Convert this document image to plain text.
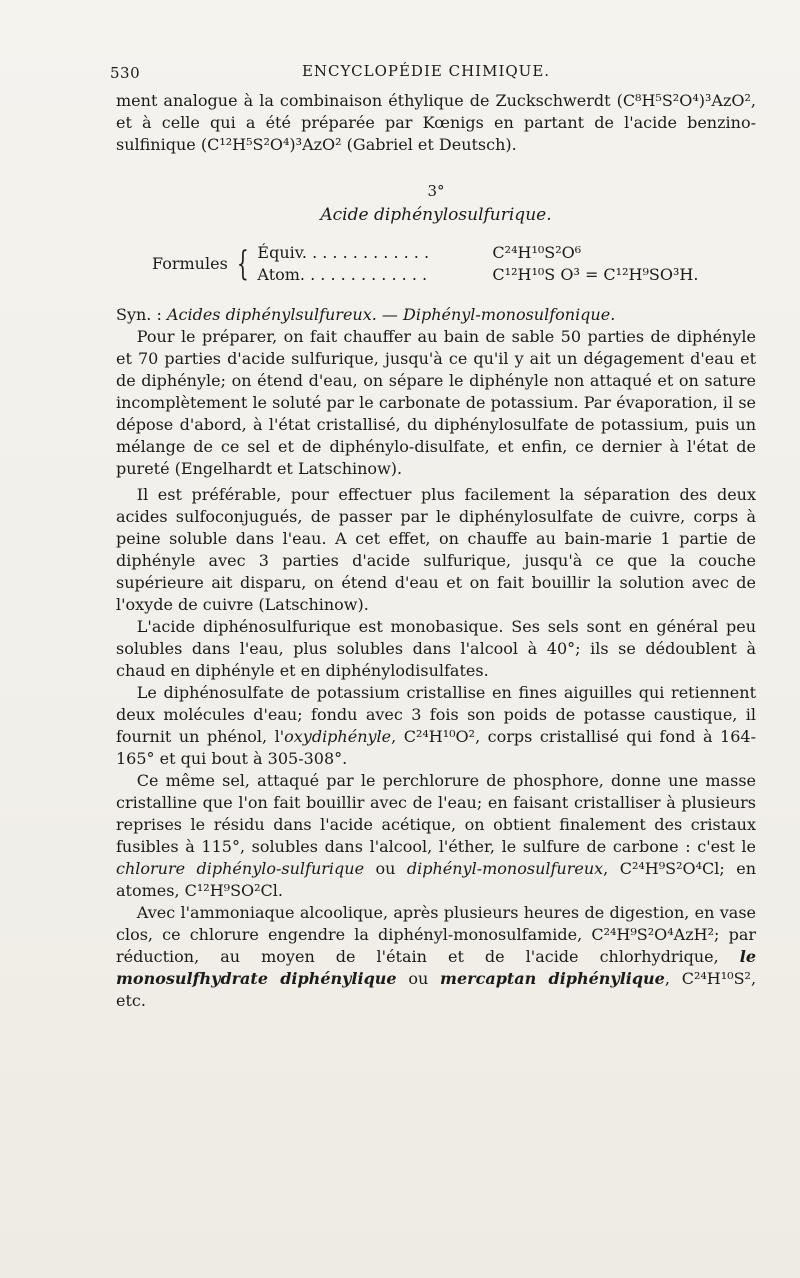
530	ENCYCLOPÉDIE CHIMIQUE.

ment analogue à la combinaison éthylique de Zuckschwerdt (C⁸H⁵S²O⁴)³AzO², et à celle qui a été préparée par Kœnigs en partant de l'acide benzino-sulfinique (C¹²H⁵S²O⁴)³AzO² (Gabriel et Deutsch).

3°
Acide diphénylosulfurique.
Formules { Équiv. . . . . . . . . . . . .	C²⁴H¹⁰S²O⁶
Atom. . . . . . . . . . . . .	C¹²H¹⁰S O³ = C¹²H⁹SO³H.

Syn. : Acides diphénylsulfureux. — Diphényl-monosulfonique.

Pour le préparer, on fait chauffer au bain de sable 50 parties de diphényle et 70 parties d'acide sulfurique, jusqu'à ce qu'il y ait un dégagement d'eau et de diphényle; on étend d'eau, on sépare le diphényle non attaqué et on sature incomplètement le soluté par le carbonate de potassium. Par évaporation, il se dépose d'abord, à l'état cristallisé, du diphénylosulfate de potassium, puis un mélange de ce sel et de diphénylo-disulfate, et enfin, ce dernier à l'état de pureté (Engelhardt et Latschinow).

Il est préférable, pour effectuer plus facilement la séparation des deux acides sulfoconjugués, de passer par le diphénylosulfate de cuivre, corps à peine soluble dans l'eau. A cet effet, on chauffe au bain-marie 1 partie de diphényle avec 3 parties d'acide sulfurique, jusqu'à ce que la couche supérieure ait disparu, on étend d'eau et on fait bouillir la solution avec de l'oxyde de cuivre (Latschinow).

L'acide diphénosulfurique est monobasique. Ses sels sont en général peu solubles dans l'eau, plus solubles dans l'alcool à 40°; ils se dédoublent à chaud en diphényle et en diphénylodisulfates.

Le diphénosulfate de potassium cristallise en fines aiguilles qui retiennent deux molécules d'eau; fondu avec 3 fois son poids de potasse caustique, il fournit un phénol, l'oxydiphényle, C²⁴H¹⁰O², corps cristallisé qui fond à 164-165° et qui bout à 305-308°.

Ce même sel, attaqué par le perchlorure de phosphore, donne une masse cristalline que l'on fait bouillir avec de l'eau; en faisant cristalliser à plusieurs reprises le résidu dans l'acide acétique, on obtient finalement des cristaux fusibles à 115°, solubles dans l'alcool, l'éther, le sulfure de carbone : c'est le chlorure diphénylo-sulfurique ou diphényl-monosulfureux, C²⁴H⁹S²O⁴Cl; en atomes, C¹²H⁹SO²Cl.

Avec l'ammoniaque alcoolique, après plusieurs heures de digestion, en vase clos, ce chlorure engendre la diphényl-monosulfamide, C²⁴H⁹S²O⁴AzH²; par réduction, au moyen de l'étain et de l'acide chlorhydrique, le monosulfhydrate diphénylique ou mercaptan diphénylique, C²⁴H¹⁰S², etc.
